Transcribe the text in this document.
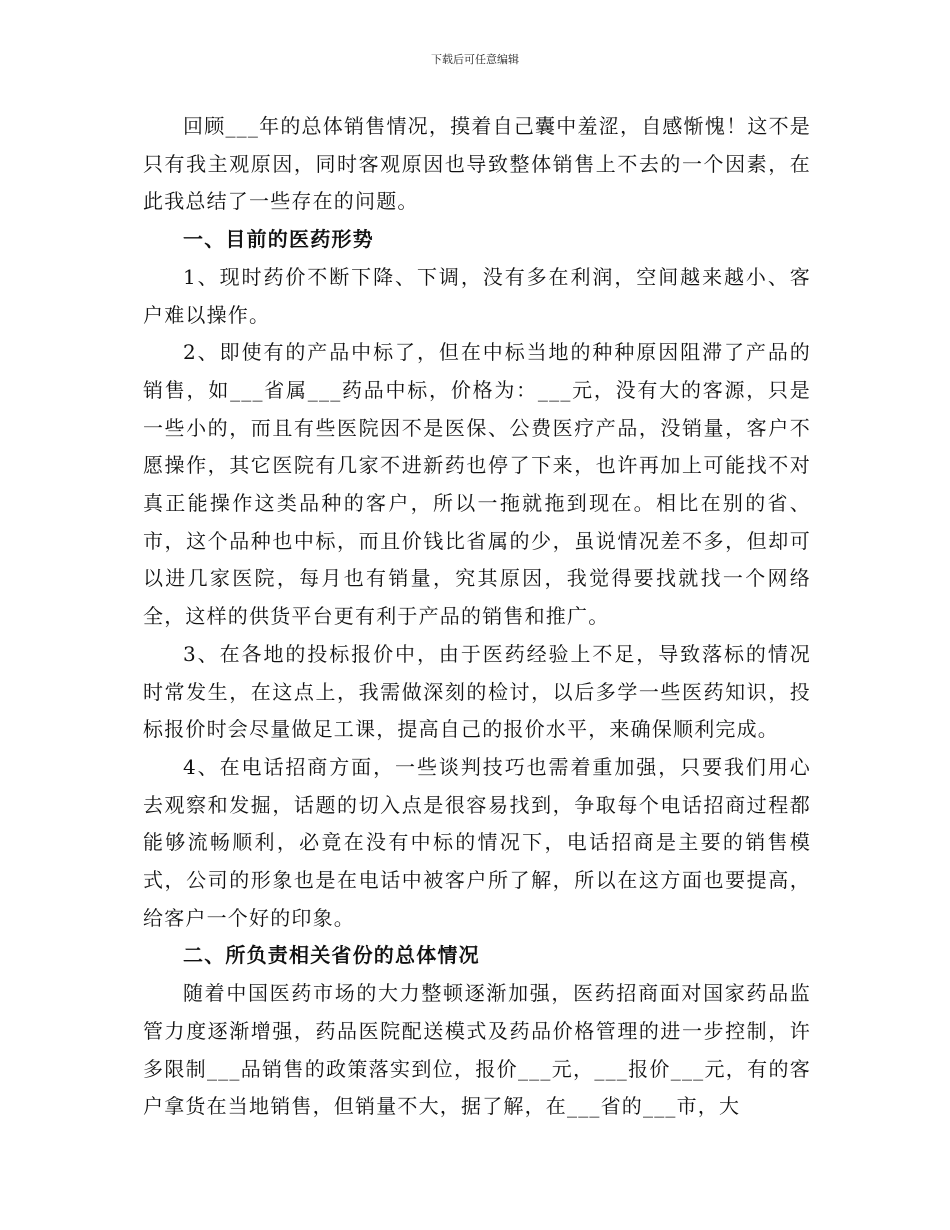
下载后可任意编辑

回顾___年的总体销售情况，摸着自己囊中羞涩，自感惭愧！这不是只有我主观原因，同时客观原因也导致整体销售上不去的一个因素，在此我总结了一些存在的问题。

一、目前的医药形势

1、现时药价不断下降、下调，没有多在利润，空间越来越小、客户难以操作。

2、即使有的产品中标了，但在中标当地的种种原因阻滞了产品的销售，如___省属___药品中标，价格为：___元，没有大的客源，只是一些小的，而且有些医院因不是医保、公费医疗产品，没销量，客户不愿操作，其它医院有几家不进新药也停了下来，也许再加上可能找不对真正能操作这类品种的客户，所以一拖就拖到现在。相比在别的省、市，这个品种也中标，而且价钱比省属的少，虽说情况差不多，但却可以进几家医院，每月也有销量，究其原因，我觉得要找就找一个网络全，这样的供货平台更有利于产品的销售和推广。

3、在各地的投标报价中，由于医药经验上不足，导致落标的情况时常发生，在这点上，我需做深刻的检讨，以后多学一些医药知识，投标报价时会尽量做足工课，提高自己的报价水平，来确保顺利完成。

4、在电话招商方面，一些谈判技巧也需着重加强，只要我们用心去观察和发掘，话题的切入点是很容易找到，争取每个电话招商过程都能够流畅顺利，必竟在没有中标的情况下，电话招商是主要的销售模式，公司的形象也是在电话中被客户所了解，所以在这方面也要提高，给客户一个好的印象。

二、所负责相关省份的总体情况

随着中国医药市场的大力整顿逐渐加强，医药招商面对国家药品监管力度逐渐增强，药品医院配送模式及药品价格管理的进一步控制，许多限制___品销售的政策落实到位，报价___元，___报价___元，有的客户拿货在当地销售，但销量不大，据了解，在___省的___市，大
